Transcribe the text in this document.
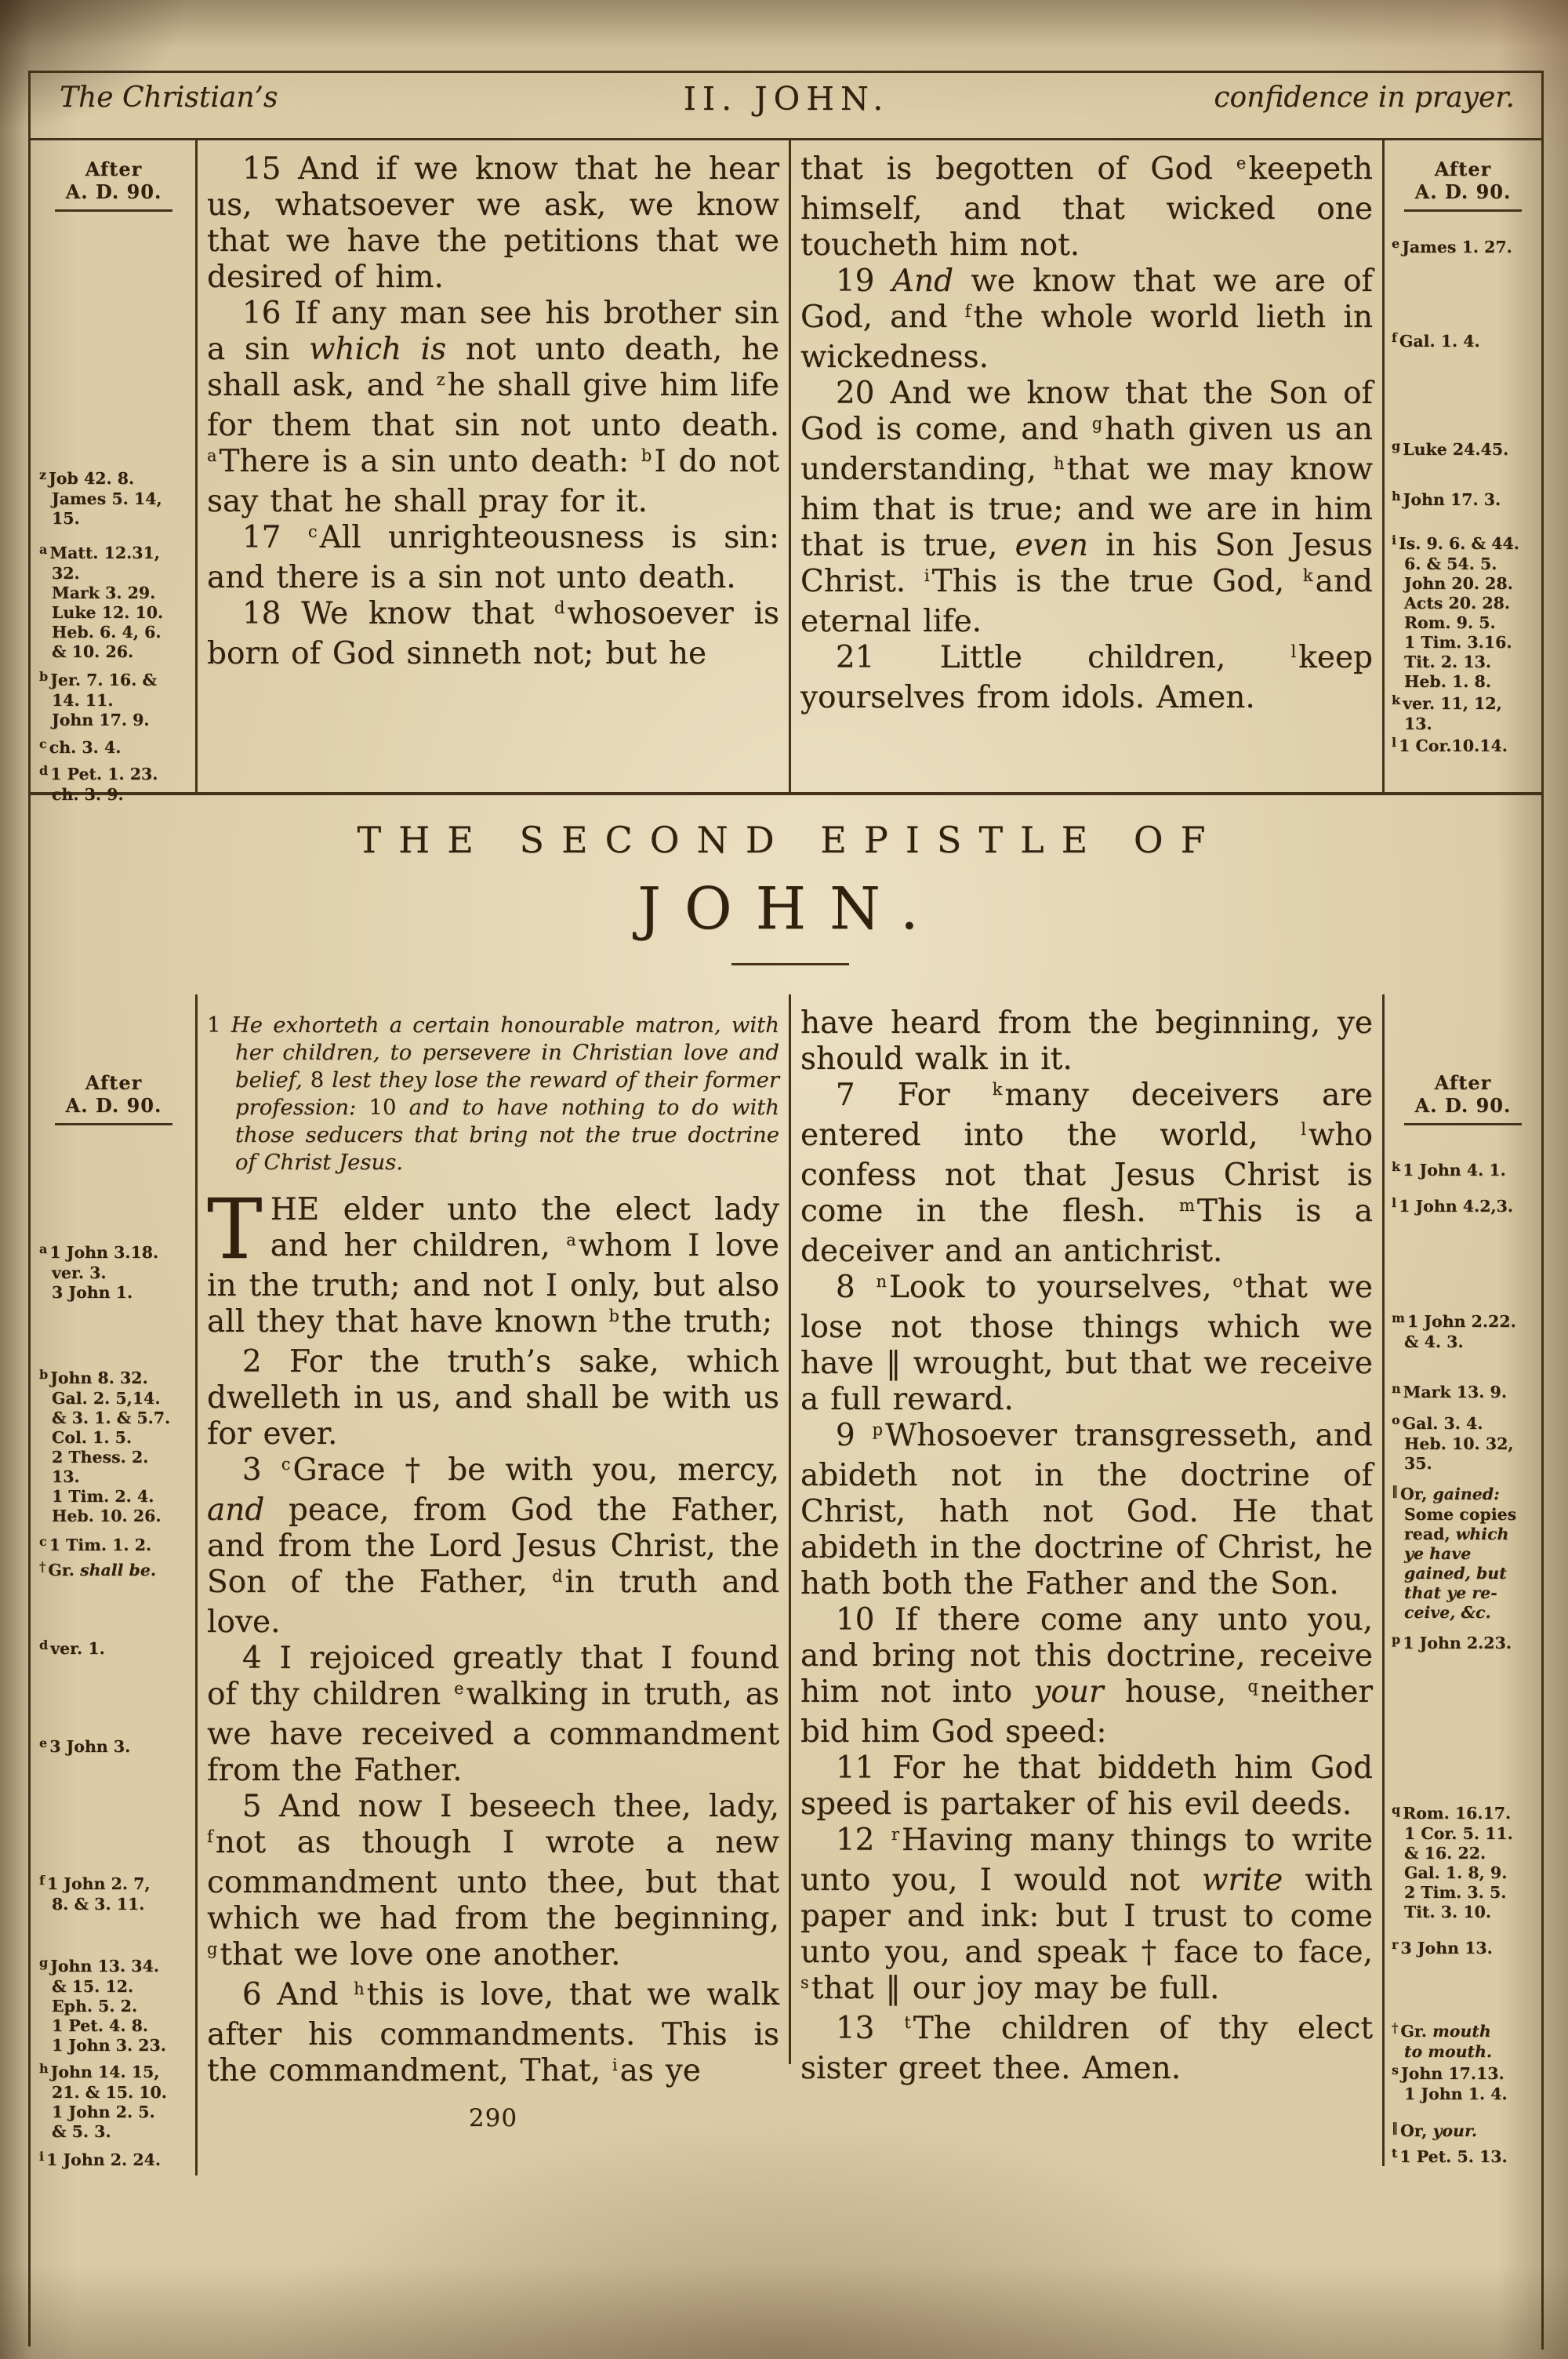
The Christian’s	II. JOHN.	confidence in prayer.
After
A. D. 90.
$^z$ Job 42. 8.
James 5. 14,
15.
$^a$ Matt. 12.31,
32.
Mark 3. 29.
Luke 12. 10.
Heb. 6. 4, 6.
& 10. 26.
$^b$ Jer. 7. 16. &
14. 11.
John 17. 9.
$^c$ ch. 3. 4.
$^d$ 1 Pet. 1. 23.
ch. 3. 9.

15 And if we know that he hear us, whatsoever we ask, we know that we have the petitions that we desired of him.

16 If any man see his brother sin a sin which is not unto death, he shall ask, and $^z$he shall give him life for them that sin not unto death. $^a$There is a sin unto death: $^b$I do not say that he shall pray for it.

17 $^c$All unrighteousness is sin: and there is a sin not unto death.

18 We know that $^d$whosoever is born of God sinneth not; but he

that is begotten of God $^e$keepeth himself, and that wicked one toucheth him not.

19 And we know that we are of God, and $^f$the whole world lieth in wickedness.

20 And we know that the Son of God is come, and $^g$hath given us an understanding, $^h$that we may know him that is true; and we are in him that is true, even in his Son Jesus Christ. $^i$This is the true God, $^k$and eternal life.

21 Little children, $^l$keep yourselves from idols. Amen.

After
A. D. 90.
$^e$ James 1. 27.
$^f$ Gal. 1. 4.
$^g$ Luke 24.45.
$^h$ John 17. 3.
$^i$ Is. 9. 6. & 44.
6. & 54. 5.
John 20. 28.
Acts 20. 28.
Rom. 9. 5.
1 Tim. 3.16.
Tit. 2. 13.
Heb. 1. 8.
$^k$ ver. 11, 12,
13.
$^l$ 1 Cor.10.14.
THE SECOND EPISTLE OF
JOHN.
After
A. D. 90.
$^a$ 1 John 3.18.
ver. 3.
3 John 1.
$^b$ John 8. 32.
Gal. 2. 5,14.
& 3. 1. & 5.7.
Col. 1. 5.
2 Thess. 2.
13.
1 Tim. 2. 4.
Heb. 10. 26.
$^c$ 1 Tim. 1. 2.
† Gr. shall be.
$^d$ ver. 1.
$^e$ 3 John 3.
$^f$ 1 John 2. 7,
8. & 3. 11.
$^g$ John 13. 34.
& 15. 12.
Eph. 5. 2.
1 Pet. 4. 8.
1 John 3. 23.
$^h$ John 14. 15,
21. & 15. 10.
1 John 2. 5.
& 5. 3.
$^i$ 1 John 2. 24.

1 He exhorteth a certain honourable matron, with her children, to persevere in Christian love and belief, 8 lest they lose the reward of their former profession: 10 and to have nothing to do with those seducers that bring not the true doctrine of Christ Jesus.

THE elder unto the elect lady and her children, $^a$whom I love in the truth; and not I only, but also all they that have known $^b$the truth;

2 For the truth’s sake, which dwelleth in us, and shall be with us for ever.

3 $^c$Grace † be with you, mercy, and peace, from God the Father, and from the Lord Jesus Christ, the Son of the Father, $^d$in truth and love.

4 I rejoiced greatly that I found of thy children $^e$walking in truth, as we have received a commandment from the Father.

5 And now I beseech thee, lady, $^f$not as though I wrote a new commandment unto thee, but that which we had from the beginning, $^g$that we love one another.

6 And $^h$this is love, that we walk after his commandments. This is the commandment, That, $^i$as ye

290

have heard from the beginning, ye should walk in it.

7 For $^k$many deceivers are entered into the world, $^l$who confess not that Jesus Christ is come in the flesh. $^m$This is a deceiver and an antichrist.

8 $^n$Look to yourselves, $^o$that we lose not those things which we have ‖ wrought, but that we receive a full reward.

9 $^p$Whosoever transgresseth, and abideth not in the doctrine of Christ, hath not God. He that abideth in the doctrine of Christ, he hath both the Father and the Son.

10 If there come any unto you, and bring not this doctrine, receive him not into your house, $^q$neither bid him God speed:

11 For he that biddeth him God speed is partaker of his evil deeds.

12 $^r$Having many things to write unto you, I would not write with paper and ink: but I trust to come unto you, and speak † face to face, $^s$that ‖ our joy may be full.

13 $^t$The children of thy elect sister greet thee. Amen.

After
A. D. 90.
$^k$ 1 John 4. 1.
$^l$ 1 John 4.2,3.
$^m$ 1 John 2.22.
& 4. 3.
$^n$ Mark 13. 9.
$^o$ Gal. 3. 4.
Heb. 10. 32,
35.
‖ Or, gained:
Some copies
read, which
ye have
gained, but
that ye re-
ceive, &c.
$^p$ 1 John 2.23.
$^q$ Rom. 16.17.
1 Cor. 5. 11.
& 16. 22.
Gal. 1. 8, 9.
2 Tim. 3. 5.
Tit. 3. 10.
$^r$ 3 John 13.
† Gr. mouth
to mouth.
$^s$ John 17.13.
1 John 1. 4.
‖ Or, your.
$^t$ 1 Pet. 5. 13.
